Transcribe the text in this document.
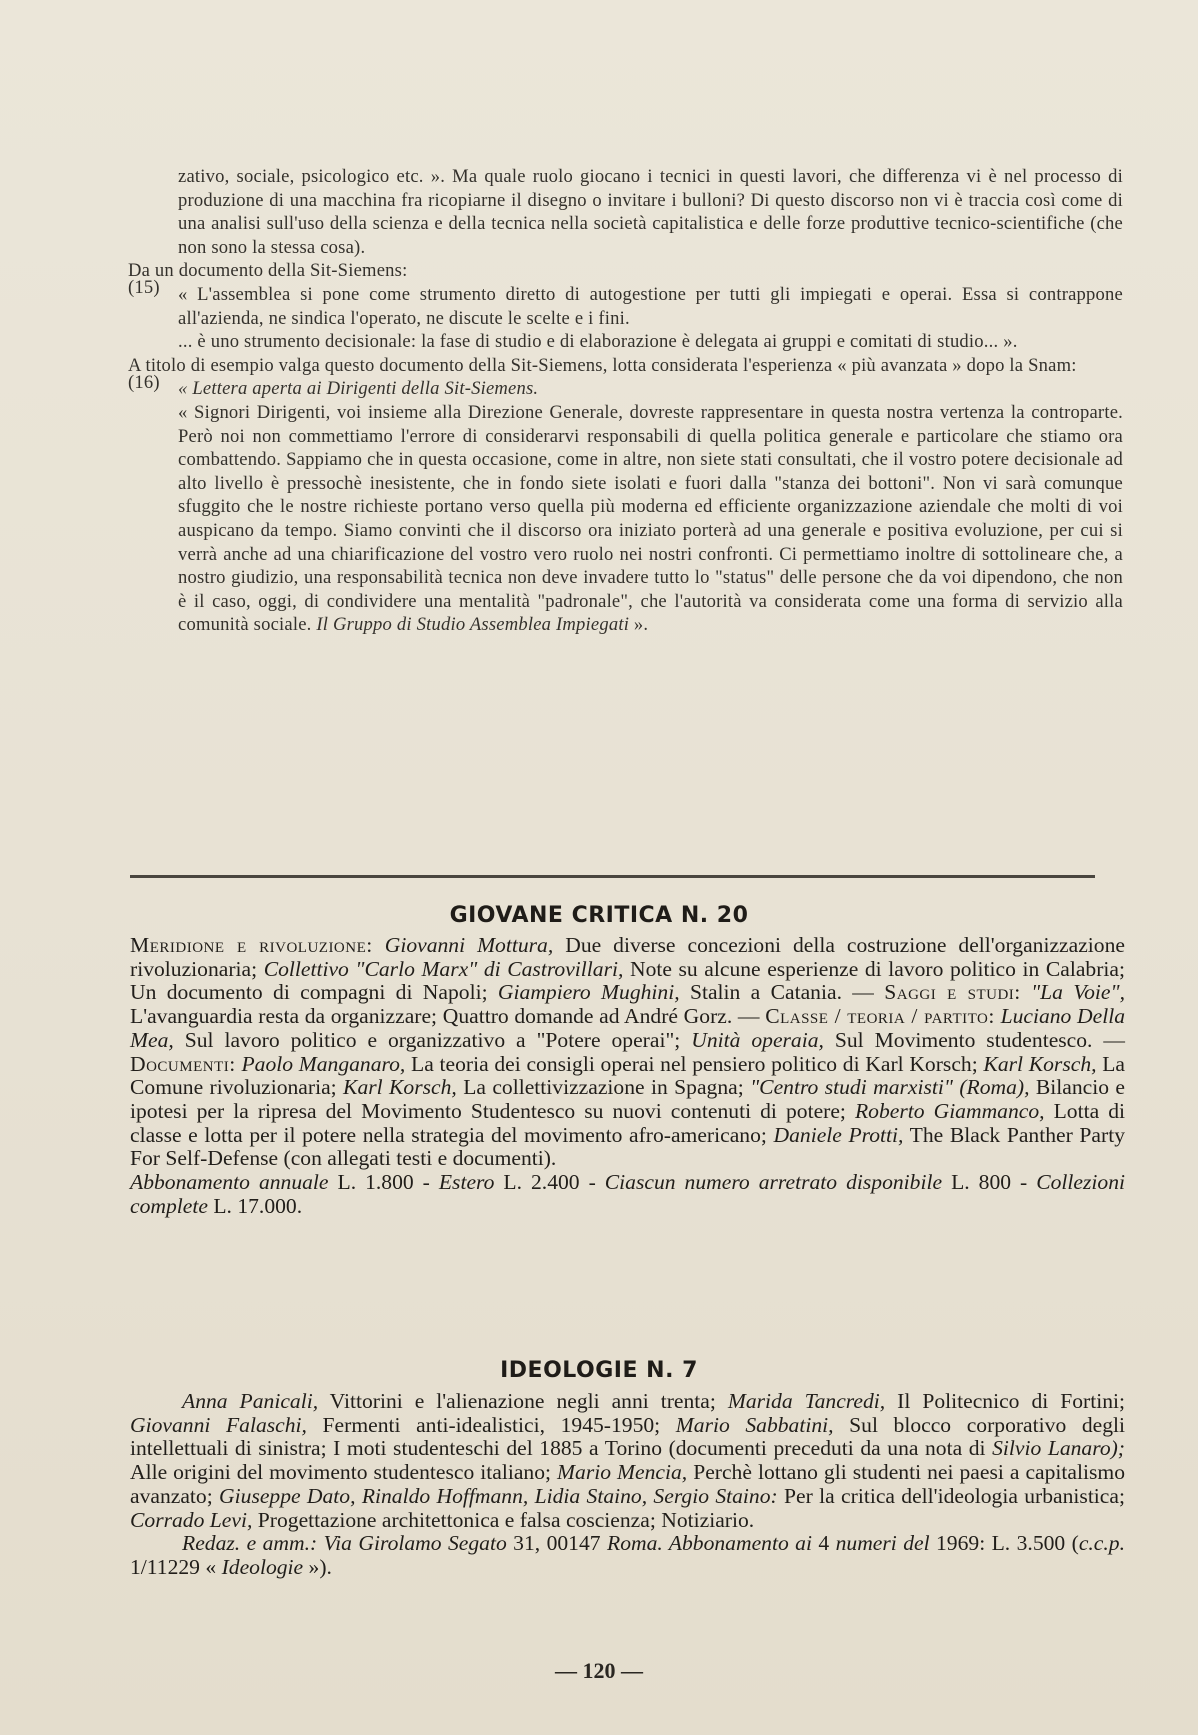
zativo, sociale, psicologico etc. ». Ma quale ruolo giocano i tecnici in questi lavori, che differenza vi è nel processo di produzione di una macchina fra ricopiarne il disegno o invitare i bulloni? Di questo discorso non vi è traccia così come di una analisi sull'uso della scienza e della tecnica nella società capitalistica e delle forze produttive tecnico-scientifiche (che non sono la stessa cosa).

(15)
Da un documento della Sit-Siemens:

« L'assemblea si pone come strumento diretto di autogestione per tutti gli impiegati e operai. Essa si contrappone all'azienda, ne sindica l'operato, ne discute le scelte e i fini.

... è uno strumento decisionale: la fase di studio e di elaborazione è delegata ai gruppi e comitati di studio... ».

(16)
A titolo di esempio valga questo documento della Sit-Siemens, lotta considerata l'esperienza « più avanzata » dopo la Snam:

« Lettera aperta ai Dirigenti della Sit-Siemens.

« Signori Dirigenti, voi insieme alla Direzione Generale, dovreste rappresentare in questa nostra vertenza la controparte. Però noi non commettiamo l'errore di considerarvi responsabili di quella politica generale e particolare che stiamo ora combattendo. Sappiamo che in questa occasione, come in altre, non siete stati consultati, che il vostro potere decisionale ad alto livello è pressochè inesistente, che in fondo siete isolati e fuori dalla "stanza dei bottoni". Non vi sarà comunque sfuggito che le nostre richieste portano verso quella più moderna ed efficiente organizzazione aziendale che molti di voi auspicano da tempo. Siamo convinti che il discorso ora iniziato porterà ad una generale e positiva evoluzione, per cui si verrà anche ad una chiarificazione del vostro vero ruolo nei nostri confronti. Ci permettiamo inoltre di sottolineare che, a nostro giudizio, una responsabilità tecnica non deve invadere tutto lo "status" delle persone che da voi dipendono, che non è il caso, oggi, di condividere una mentalità "padronale", che l'autorità va considerata come una forma di servizio alla comunità sociale. Il Gruppo di Studio Assemblea Impiegati ».

GIOVANE CRITICA N. 20

Meridione e rivoluzione: Giovanni Mottura, Due diverse concezioni della costruzione dell'organizzazione rivoluzionaria; Collettivo "Carlo Marx" di Castrovillari, Note su alcune esperienze di lavoro politico in Calabria; Un documento di compagni di Napoli; Giampiero Mughini, Stalin a Catania. — Saggi e studi: "La Voie", L'avanguardia resta da organizzare; Quattro domande ad André Gorz. — Classe / teoria / partito: Luciano Della Mea, Sul lavoro politico e organizzativo a "Potere operai"; Unità operaia, Sul Movimento studentesco. — Documenti: Paolo Manganaro, La teoria dei consigli operai nel pensiero politico di Karl Korsch; Karl Korsch, La Comune rivoluzionaria; Karl Korsch, La collettivizzazione in Spagna; "Centro studi marxisti" (Roma), Bilancio e ipotesi per la ripresa del Movimento Studentesco su nuovi contenuti di potere; Roberto Giammanco, Lotta di classe e lotta per il potere nella strategia del movimento afro-americano; Daniele Protti, The Black Panther Party For Self-Defense (con allegati testi e documenti).

Abbonamento annuale L. 1.800 - Estero L. 2.400 - Ciascun numero arretrato disponibile L. 800 - Collezioni complete L. 17.000.

IDEOLOGIE N. 7

Anna Panicali, Vittorini e l'alienazione negli anni trenta; Marida Tancredi, Il Politecnico di Fortini; Giovanni Falaschi, Fermenti anti-idealistici, 1945-1950; Mario Sabbatini, Sul blocco corporativo degli intellettuali di sinistra; I moti studenteschi del 1885 a Torino (documenti preceduti da una nota di Silvio Lanaro); Alle origini del movimento studentesco italiano; Mario Mencia, Perchè lottano gli studenti nei paesi a capitalismo avanzato; Giuseppe Dato, Rinaldo Hoffmann, Lidia Staino, Sergio Staino: Per la critica dell'ideologia urbanistica; Corrado Levi, Progettazione architettonica e falsa coscienza; Notiziario.

Redaz. e amm.: Via Girolamo Segato 31, 00147 Roma. Abbonamento ai 4 numeri del 1969: L. 3.500 (c.c.p. 1/11229 « Ideologie »).

— 120 —
